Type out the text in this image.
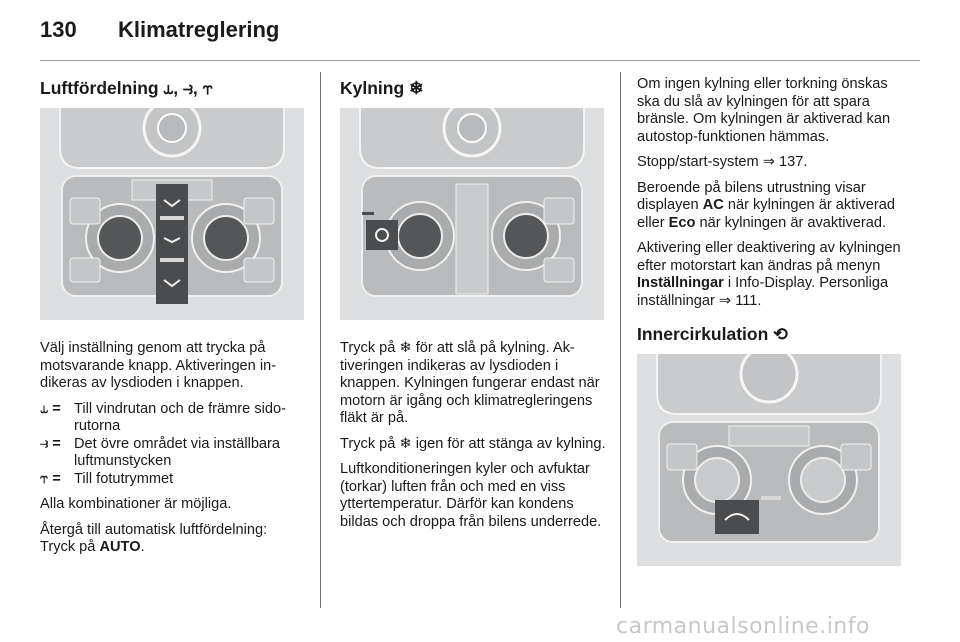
130 Klimatreglering
Luftfördelning ⥿, ⥽, ⥾

Välj inställning genom att trycka på motsvarande knapp. Aktiveringen indikeras av lysdioden i knappen.

⥿ = Till vindrutan och de främre sidorutorna
⥽ = Det övre området via inställbara luftmunstycken
⥾ = Till fotutrymmet

Alla kombinationer är möjliga.

Återgå till automatisk luftfördelning: Tryck på AUTO.

Kylning ❄

Tryck på ❄ för att slå på kylning. Aktiveringen indikeras av lysdioden i knappen. Kylningen fungerar endast när motorn är igång och klimatregleringens fläkt är på.

Tryck på ❄ igen för att stänga av kylning.

Luftkonditioneringen kyler och avfuktar (torkar) luften från och med en viss yttertemperatur. Därför kan kondens bildas och droppa från bilens underrede.

Om ingen kylning eller torkning önskas ska du slå av kylningen för att spara bränsle. Om kylningen är aktiverad kan autostop-funktionen hämmas.

Stopp/start-system ⇒ 137.

Beroende på bilens utrustning visar displayen AC när kylningen är aktiverad eller Eco när kylningen är avaktiverad.

Aktivering eller deaktivering av kylningen efter motorstart kan ändras på menyn Inställningar i Info-Display. Personliga inställningar ⇒ 111.

Innercirkulation ⟲
carmanualsonline.info
